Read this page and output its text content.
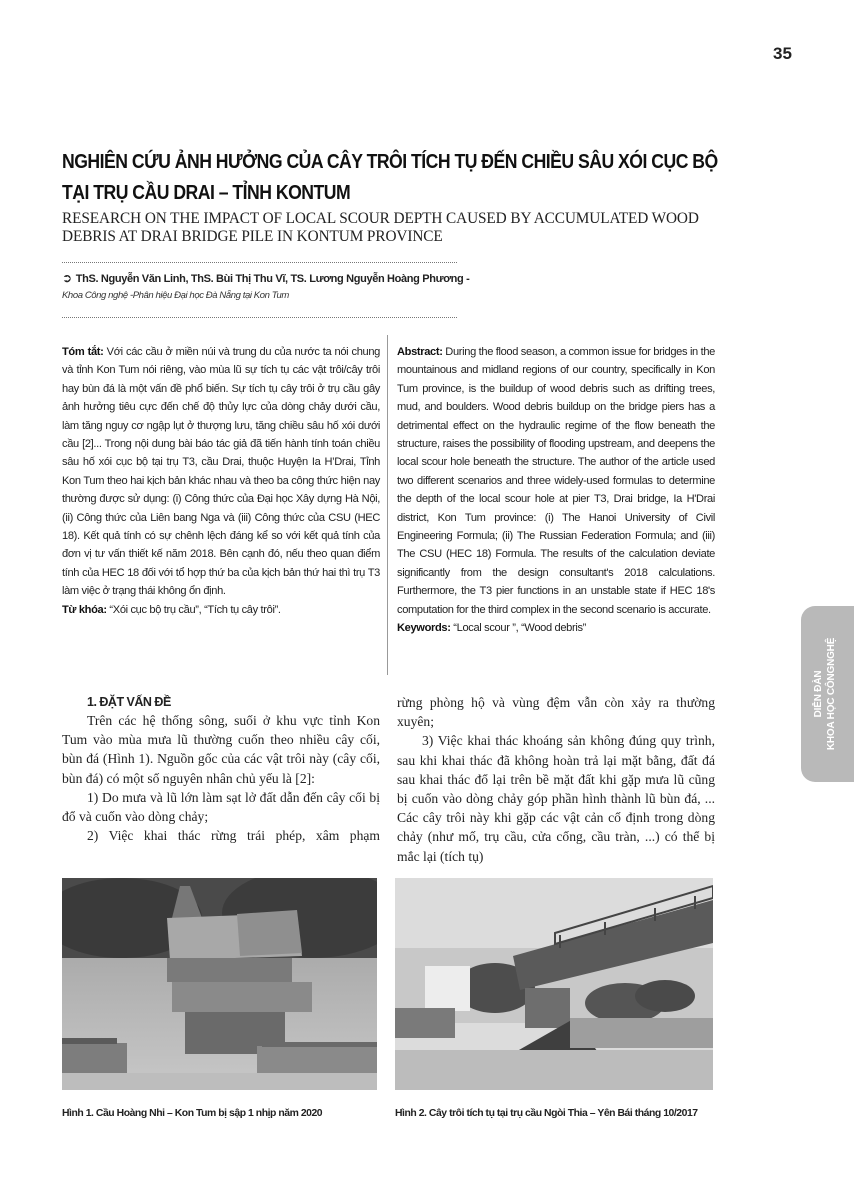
35
NGHIÊN CỨU ẢNH HƯỞNG CỦA CÂY TRÔI TÍCH TỤ ĐẾN CHIỀU SÂU XÓI CỤC BỘ
TẠI TRỤ CẦU DRAI – TỈNH KONTUM
RESEARCH ON THE IMPACT OF LOCAL SCOUR DEPTH CAUSED BY ACCUMULATED WOOD
DEBRIS AT DRAI BRIDGE PILE IN KONTUM PROVINCE
➲ ThS. Nguyễn Văn Linh, ThS. Bùi Thị Thu Vĩ, TS. Lương Nguyễn Hoàng Phương -
Khoa Công nghệ -Phân hiệu Đại học Đà Nẵng tại Kon Tum
Tóm tắt: Với các cầu ở miền núi và trung du của nước ta nói chung và tỉnh Kon Tum nói riêng, vào mùa lũ sự tích tụ các vật trôi/cây trôi hay bùn đá là một vấn đề phổ biến. Sự tích tụ cây trôi ở trụ cầu gây ảnh hưởng tiêu cực đến chế độ thủy lực của dòng chảy dưới cầu, làm tăng nguy cơ ngập lụt ở thượng lưu, tăng chiều sâu hố xói dưới cầu [2]... Trong nội dung bài báo tác giả đã tiến hành tính toán chiều sâu hố xói cục bộ tại trụ T3, cầu Drai, thuộc Huyện Ia H’Drai, Tỉnh Kon Tum theo hai kịch bản khác nhau và theo ba công thức hiện nay thường được sử dụng: (i) Công thức của Đại học Xây dựng Hà Nội, (ii) Công thức của Liên bang Nga và (iii) Công thức của CSU (HEC 18). Kết quả tính có sự chênh lệch đáng kể so với kết quả tính của đơn vị tư vấn thiết kế năm 2018. Bên cạnh đó, nếu theo quan điểm tính của HEC 18 đối với tổ hợp thứ ba của kịch bản thứ hai thì trụ T3 làm việc ở trạng thái không ổn định.
Từ khóa: “Xói cục bộ trụ cầu”, “Tích tụ cây trôi”.
Abstract: During the flood season, a common issue for bridges in the mountainous and midland regions of our country, specifically in Kon Tum province, is the buildup of wood debris such as drifting trees, mud, and boulders. Wood debris buildup on the bridge piers has a detrimental effect on the hydraulic regime of the flow beneath the structure, raises the possibility of flooding upstream, and deepens the local scour hole beneath the structure. The author of the article used two different scenarios and three widely-used formulas to determine the depth of the local scour hole at pier T3, Drai bridge, Ia H'Drai district, Kon Tum province: (i) The Hanoi University of Civil Engineering Formula; (ii) The Russian Federation Formula; and (iii) The CSU (HEC 18) Formula. The results of the calculation deviate significantly from the design consultant's 2018 calculations. Furthermore, the T3 pier functions in an unstable state if HEC 18's computation for the third complex in the second scenario is accurate.
Keywords: “Local scour ”, “Wood debris”

1. ĐẶT VẤN ĐỀ

Trên các hệ thống sông, suối ở khu vực tỉnh Kon Tum vào mùa mưa lũ thường cuốn theo nhiều cây cối, bùn đá (Hình 1). Nguồn gốc của các vật trôi này (cây cối, bùn đá) có một số nguyên nhân chủ yếu là [2]:

1) Do mưa và lũ lớn làm sạt lở đất dẫn đến cây cối bị đổ và cuốn vào dòng chảy;

2) Việc khai thác rừng trái phép, xâm phạm

rừng phòng hộ và vùng đệm vẫn còn xảy ra thường xuyên;

3) Việc khai thác khoáng sản không đúng quy trình, sau khi khai thác đã không hoàn trả lại mặt bằng, đất đá sau khai thác đổ lại trên bề mặt đất khi gặp mưa lũ cũng bị cuốn vào dòng chảy góp phần hình thành lũ bùn đá, ... Các cây trôi này khi gặp các vật cản cố định trong dòng chảy (như mố, trụ cầu, cửa cống, cầu tràn, ...) có thể bị mắc lại (tích tụ)

Hình 1. Cầu Hoàng Nhi – Kon Tum bị sập 1 nhịp năm 2020	Hình 2. Cây trôi tích tụ tại trụ cầu Ngòi Thia – Yên Bái tháng 10/2017
DIỄN ĐÀN KHOA HỌC CÔNGNGHỆ
